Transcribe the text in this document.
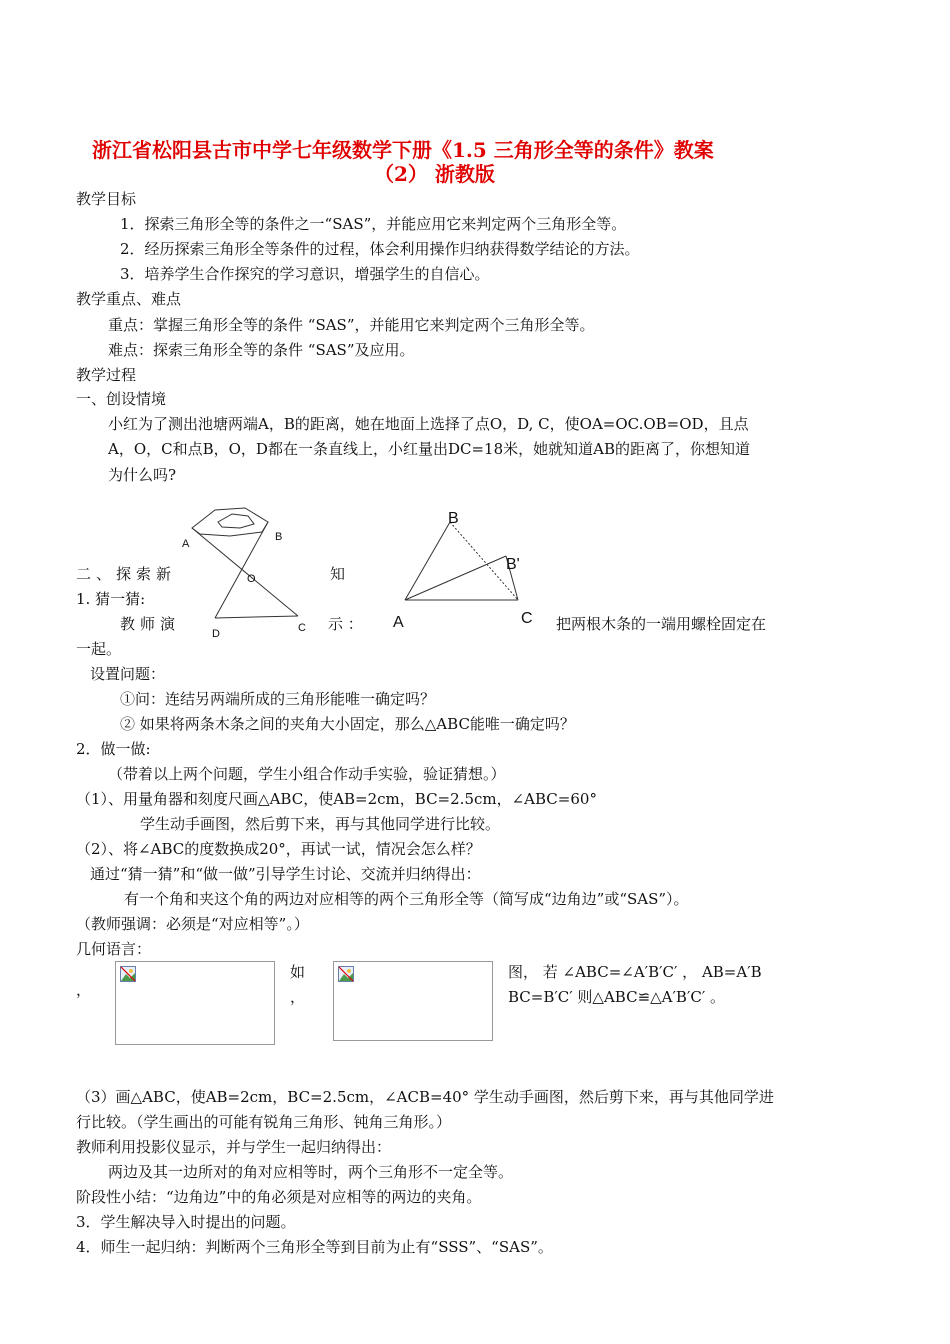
浙江省松阳县古市中学七年级数学下册《1.5 三角形全等的条件》教案
（2） 浙教版
教学目标
1．探索三角形全等的条件之一“SAS”，并能应用它来判定两个三角形全等。
2．经历探索三角形全等条件的过程，体会利用操作归纳获得数学结论的方法。
3．培养学生合作探究的学习意识，增强学生的自信心。
教学重点、难点
重点：掌握三角形全等的条件 “SAS”，并能用它来判定两个三角形全等。
难点：探索三角形全等的条件 “SAS”及应用。
教学过程
一、创设情境
小红为了测出池塘两端A，B的距离，她在地面上选择了点O，D, C，使OA=OC.OB=OD，且点
A，O，C和点B，O，D都在一条直线上，小红量出DC=18米，她就知道AB的距离了，你想知道
为什么吗?
A
B
O
D	C
B
B'
A	C
二、探索新	知
1. 猜一猜:
教师演	示 ：	把两根木条的一端用螺栓固定在
一起。
设置问题：
①问：连结另两端所成的三角形能唯一确定吗？
② 如果将两条木条之间的夹角大小固定，那么△ABC能唯一确定吗？
2．做一做:
（带着以上两个问题，学生小组合作动手实验，验证猜想。）
（1）、用量角器和刻度尺画△ABC，使AB=2cm，BC=2.5cm，∠ABC=60°
学生动手画图，然后剪下来，再与其他同学进行比较。
（2）、将∠ABC的度数换成20°，再试一试，情况会怎么样？
通过“猜一猜”和“做一做”引导学生讨论、交流并归纳得出：
有一个角和夹这个角的两边对应相等的两个三角形全等（简写成“边角边”或“SAS”）。
（教师强调：必须是“对应相等”。）
几何语言：
，
如
，
图， 若 ∠ABC=∠A′B′C′ ， AB=A′B
BC=B′C′ 则△ABC≌△A′B′C′ 。
（3）画△ABC，使AB=2cm，BC=2.5cm，∠ACB=40° 学生动手画图，然后剪下来，再与其他同学进
行比较。（学生画出的可能有锐角三角形、钝角三角形。）
教师利用投影仪显示，并与学生一起归纳得出：
两边及其一边所对的角对应相等时，两个三角形不一定全等。
阶段性小结：“边角边”中的角必须是对应相等的两边的夹角。
3．学生解决导入时提出的问题。
4．师生一起归纳：判断两个三角形全等到目前为止有“SSS”、“SAS”。
